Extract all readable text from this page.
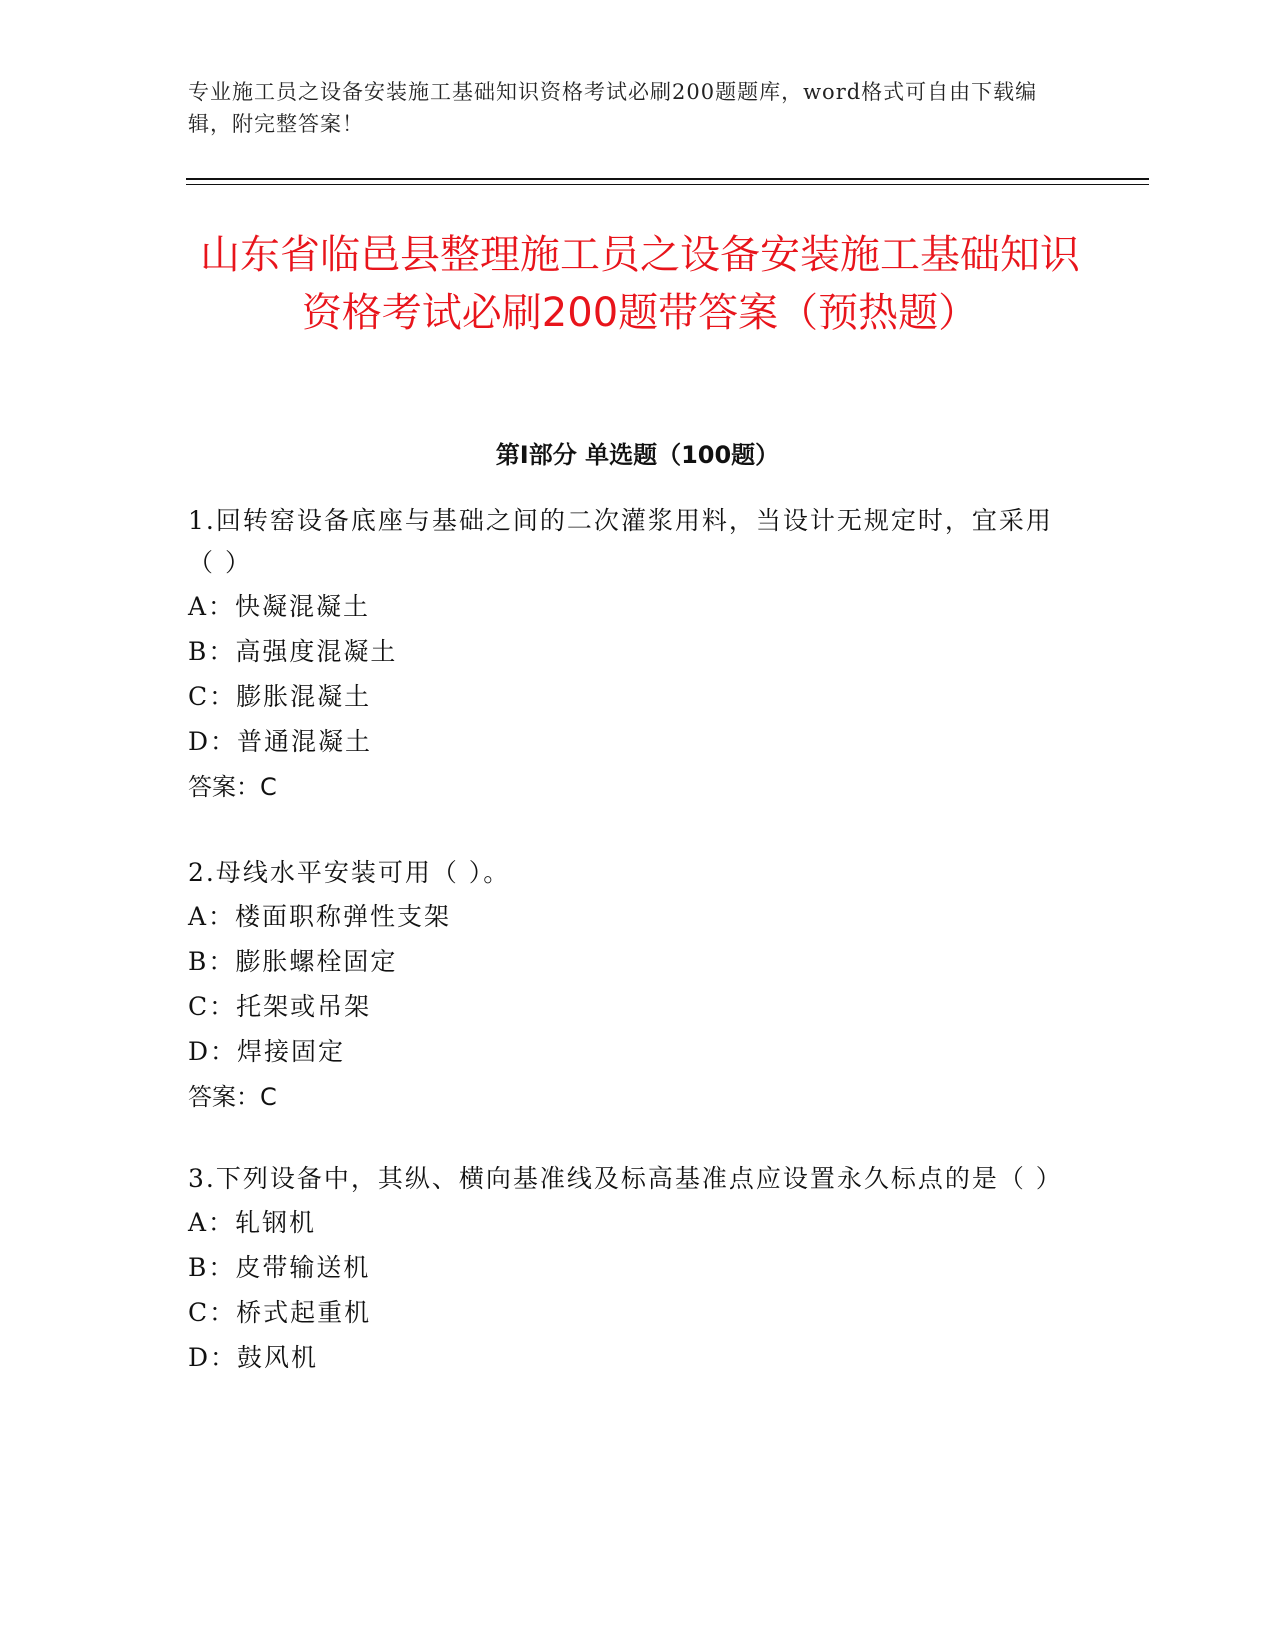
专业施工员之设备安装施工基础知识资格考试必刷200题题库，word格式可自由下载编辑，附完整答案！
山东省临邑县整理施工员之设备安装施工基础知识资格考试必刷200题带答案（预热题）
第I部分 单选题（100题）

1.回转窑设备底座与基础之间的二次灌浆用料，当设计无规定时，宜采用（ ）

A：快凝混凝土

B：高强度混凝土

C：膨胀混凝土

D：普通混凝土

答案：C

2.母线水平安装可用（ ）。

A：楼面职称弹性支架

B：膨胀螺栓固定

C：托架或吊架

D：焊接固定

答案：C

3.下列设备中，其纵、横向基准线及标高基准点应设置永久标点的是（ ）

A：轧钢机

B：皮带输送机

C：桥式起重机

D：鼓风机
